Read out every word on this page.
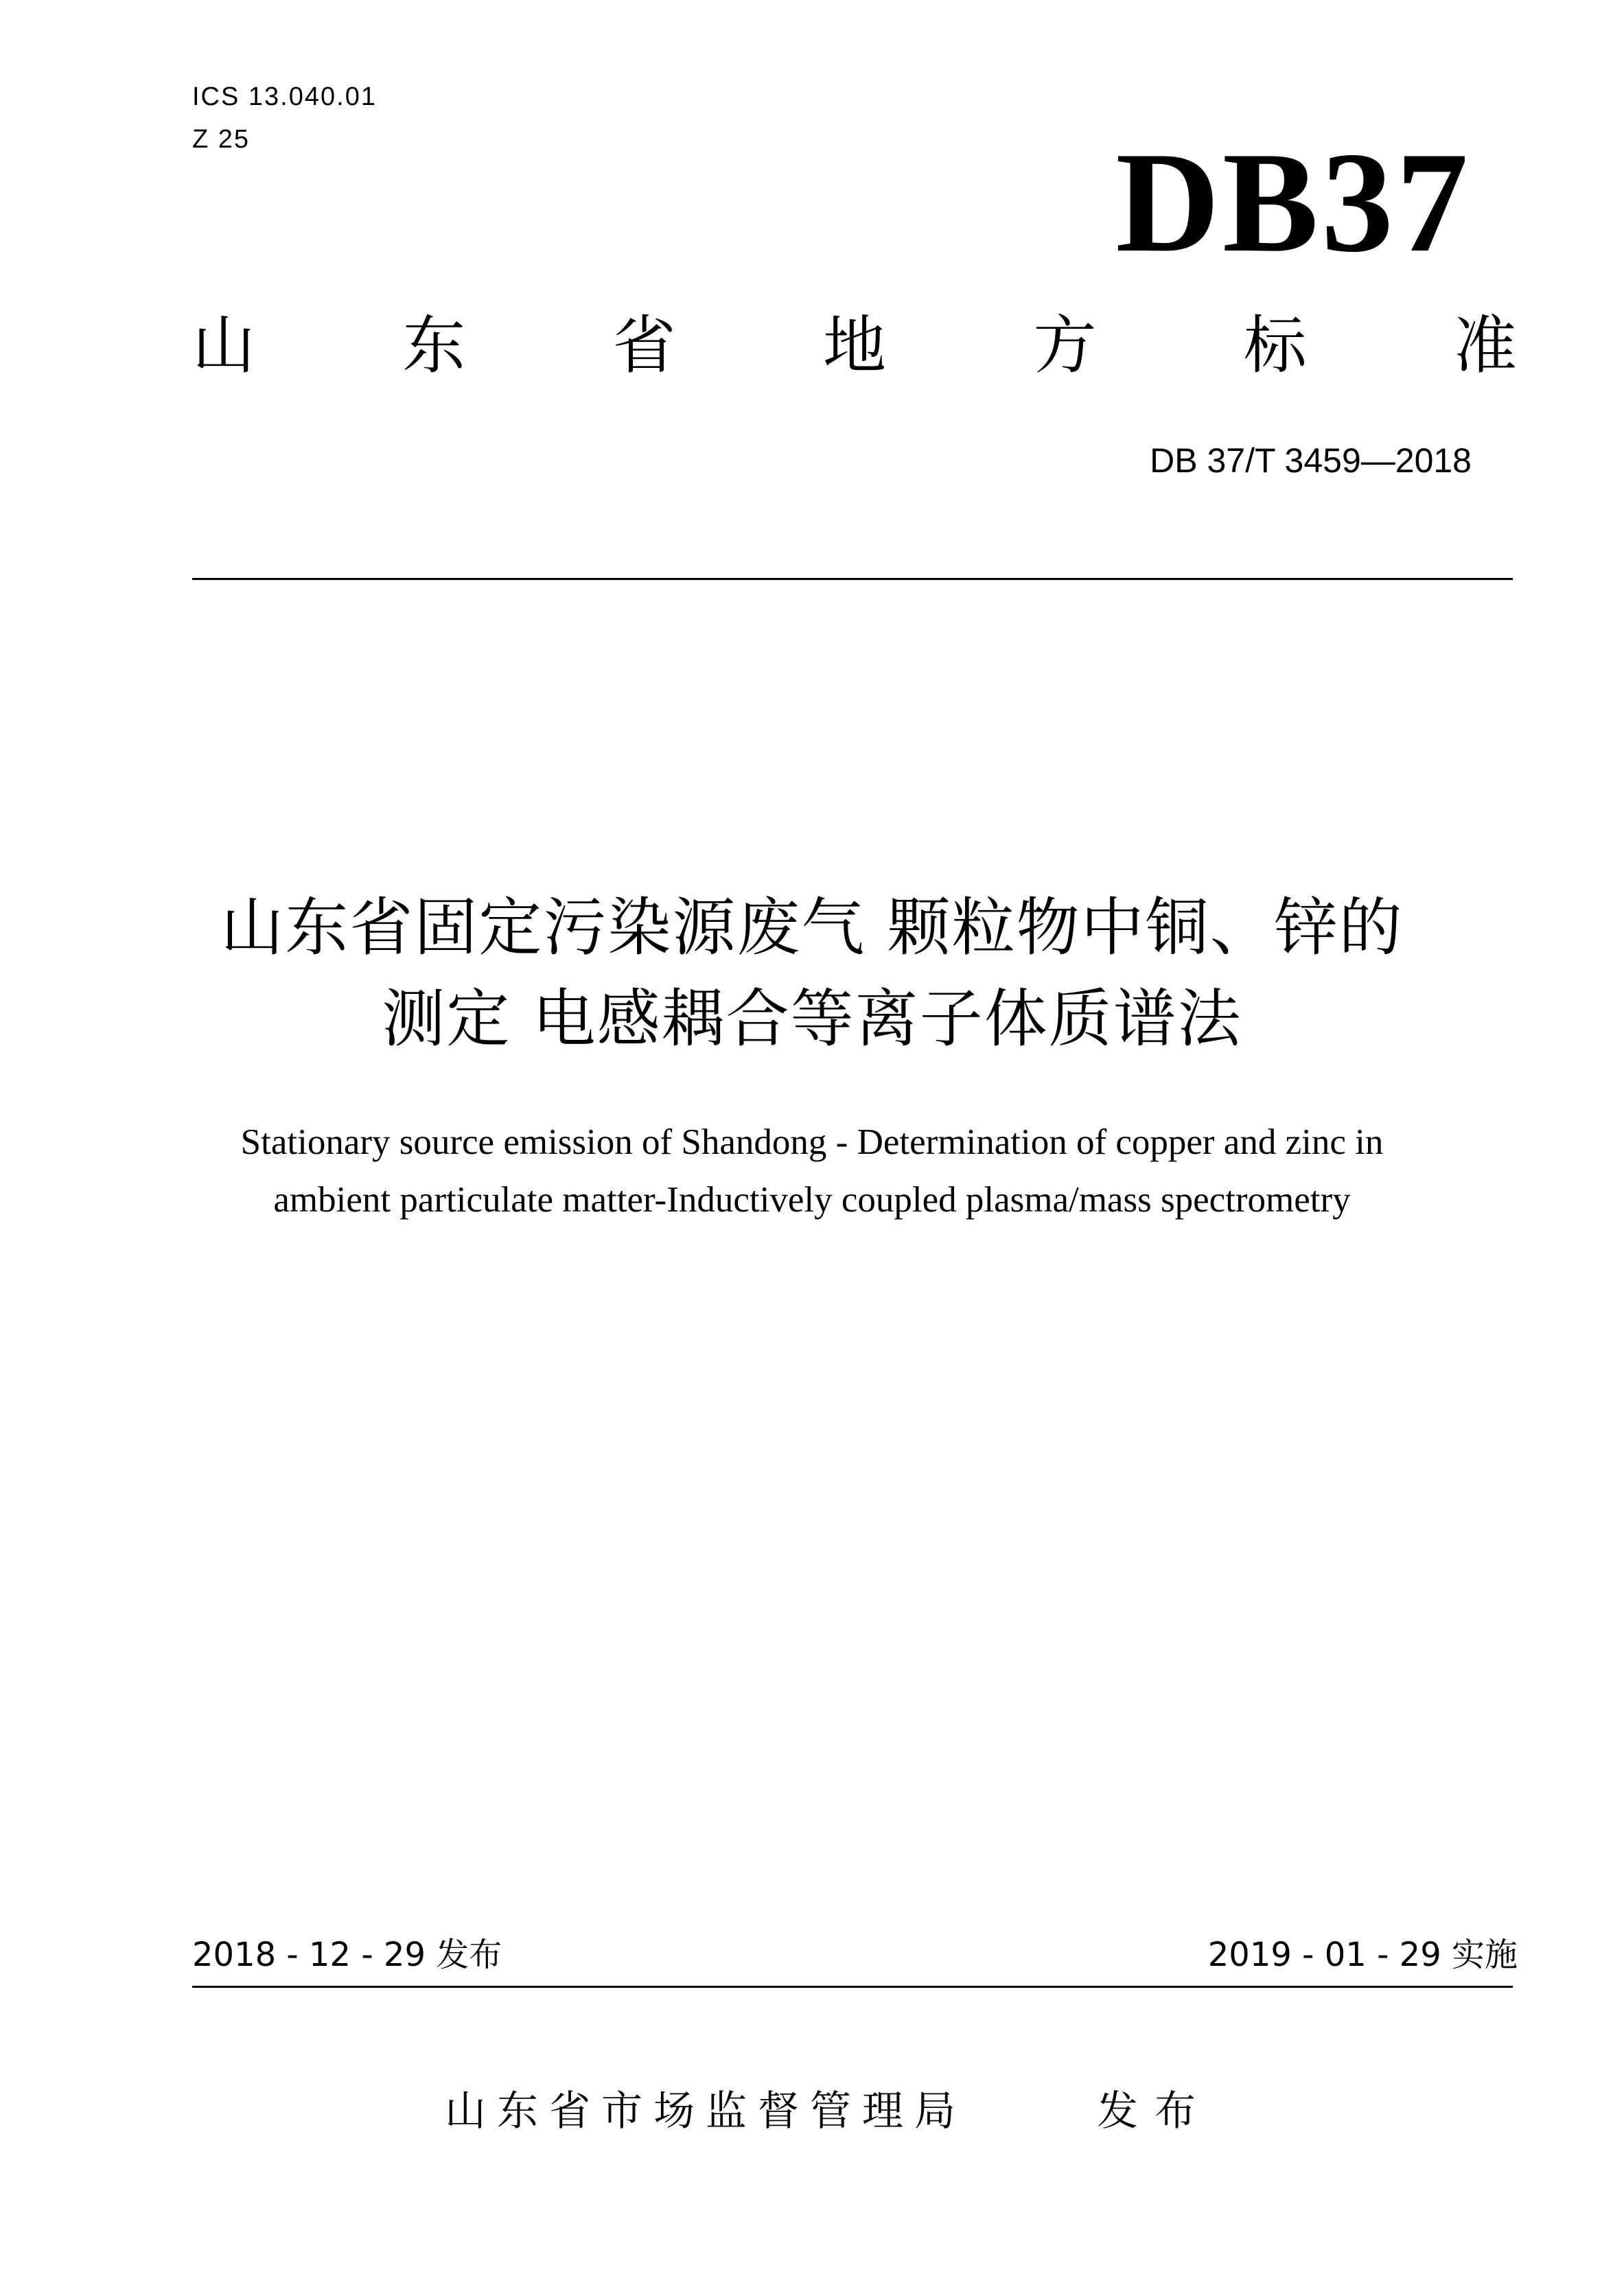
ICS 13.040.01
Z 25	DB37
山 东 省 地 方 标 准
DB 37/T 3459—2018
山东省固定污染源废气 颗粒物中铜、锌的
测定 电感耦合等离子体质谱法
Stationary source emission of Shandong - Determination of copper and zinc in
ambient particulate matter-Inductively coupled plasma/mass spectrometry
2018 - 12 - 29 发布	2019 - 01 - 29 实施
山东省市场监督管理局	发布
